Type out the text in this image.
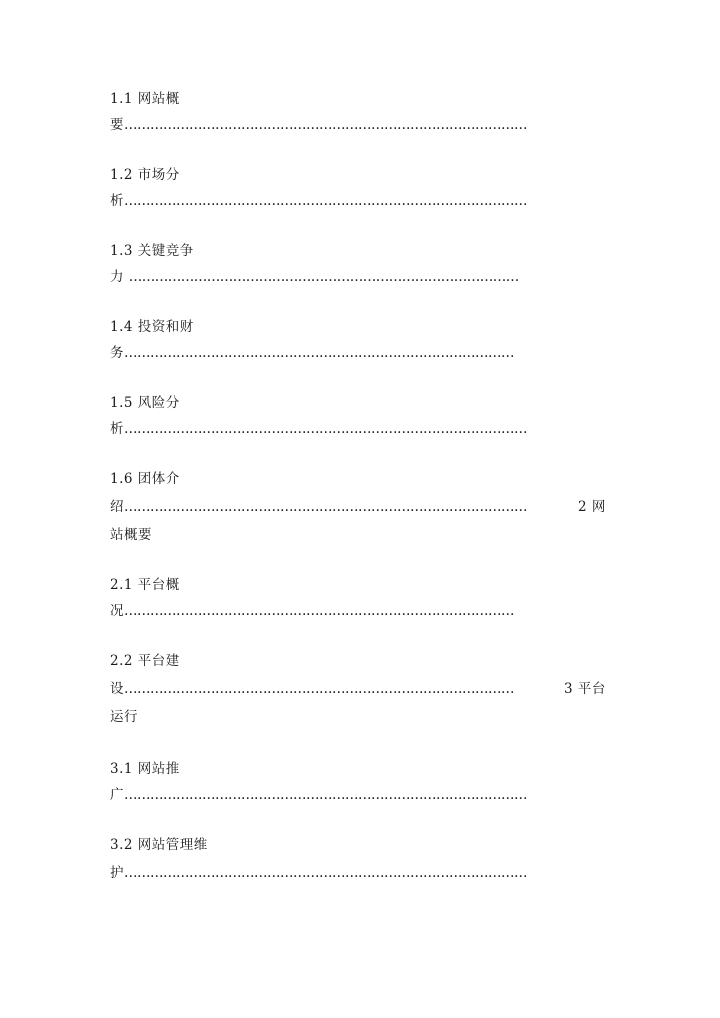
1.1 网站概
要…………………………………………………………………………………
1.2 市场分
析…………………………………………………………………………………
1.3 关键竞争
力 ………………………………………………………………………………
1.4 投资和财
务………………………………………………………………………………
1.5 风险分
析…………………………………………………………………………………
1.6 团体介
绍…………………………………………………………………………………	2 网
站概要
2.1 平台概
况………………………………………………………………………………
2.2 平台建
设………………………………………………………………………………	3 平台
运行
3.1 网站推
广…………………………………………………………………………………
3.2 网站管理维
护…………………………………………………………………………………
